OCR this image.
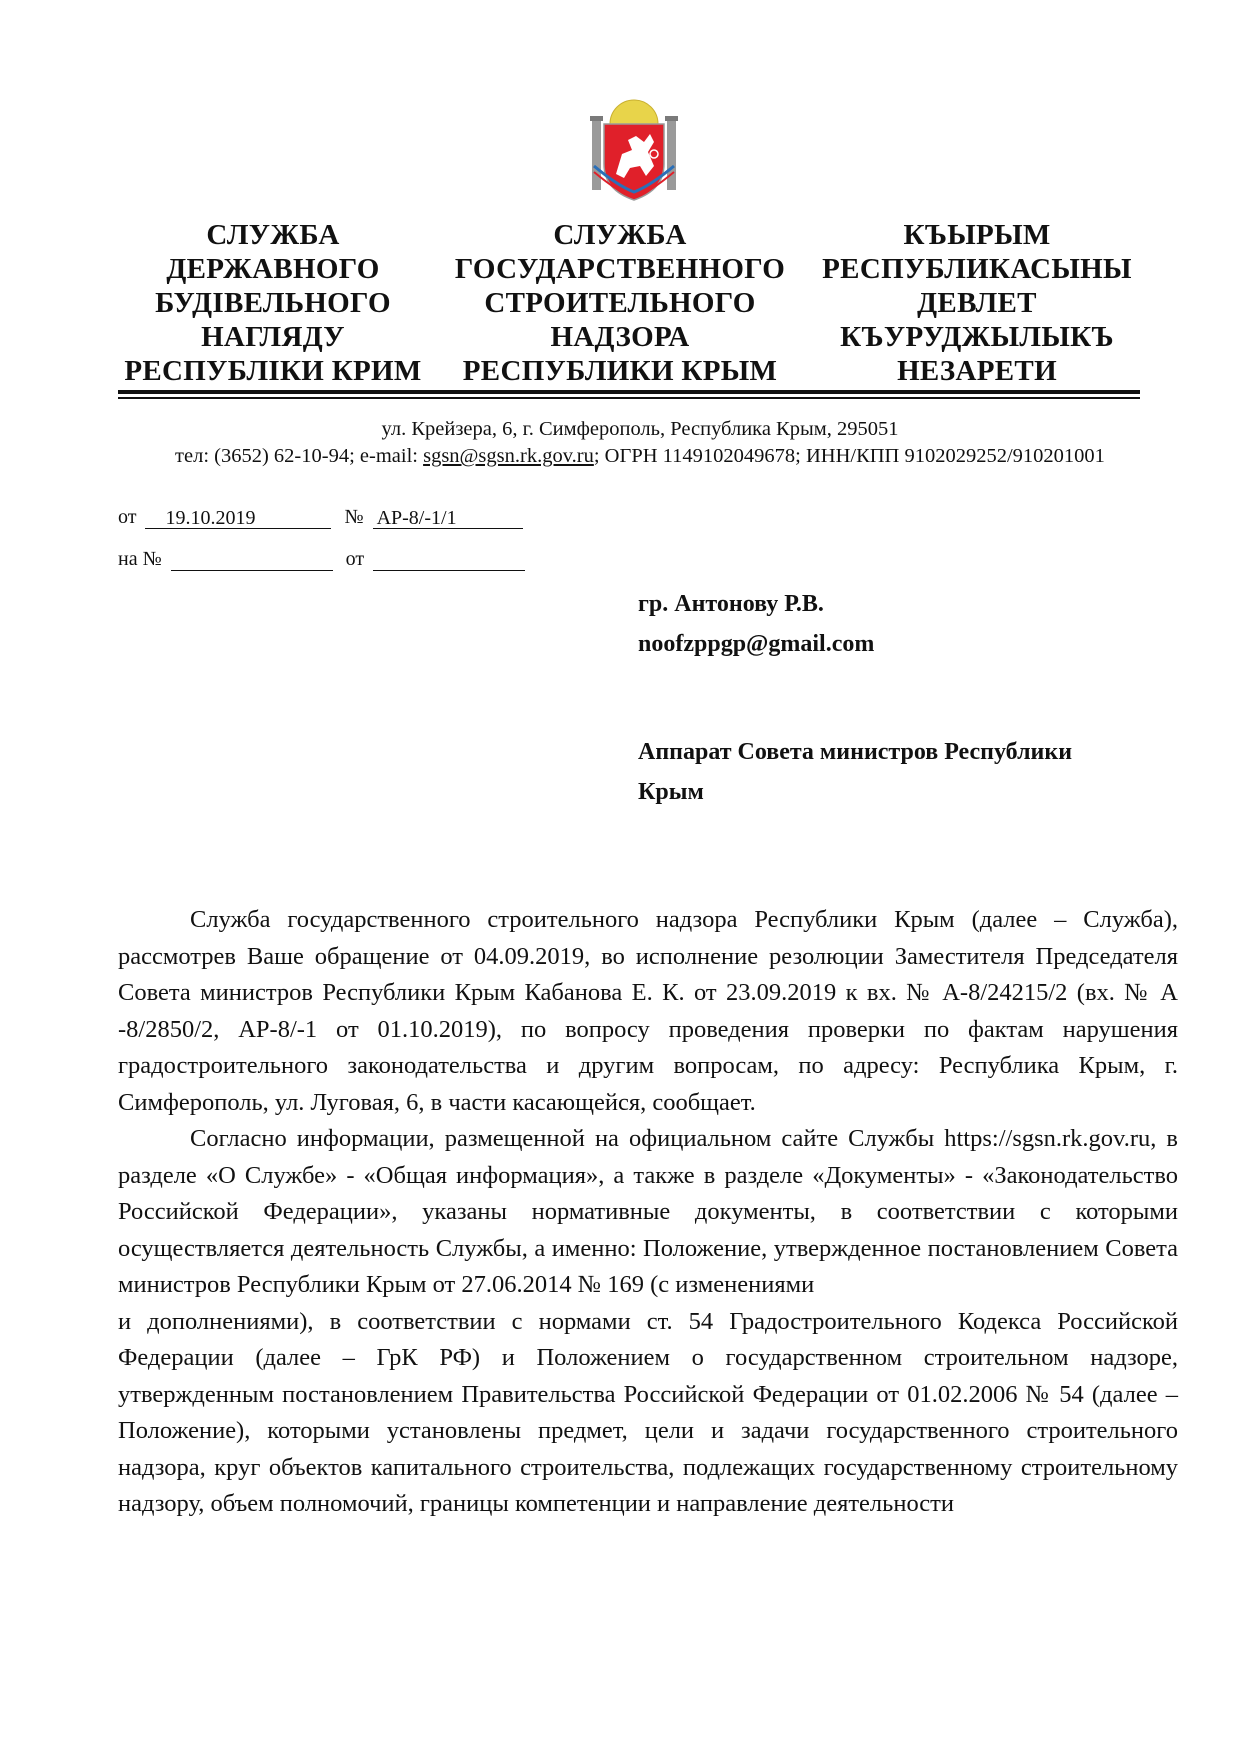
СЛУЖБА
ДЕРЖАВНОГО
БУДІВЕЛЬНОГО
НАГЛЯДУ
РЕСПУБЛІКИ КРИМ
СЛУЖБА
ГОСУДАРСТВЕННОГО
СТРОИТЕЛЬНОГО
НАДЗОРА
РЕСПУБЛИКИ КРЫМ
КЪЫРЫМ
РЕСПУБЛИКАСЫНЫ
ДЕВЛЕТ
КЪУРУДЖЫЛЫКЪ
НЕЗАРЕТИ
ул. Крейзера, 6, г. Симферополь, Республика Крым, 295051
тел: (3652) 62-10-94; e-mail: sgsn@sgsn.rk.gov.ru; ОГРН 1149102049678; ИНН/КПП 9102029252/910201001
от 19.10.2019	№ АР-8/-1/1
на №	от
гр. Антонову Р.В.
noofzppgp@gmail.com
Аппарат Совета министров Республики
Крым

Служба государственного строительного надзора Республики Крым (далее – Служба), рассмотрев Ваше обращение от 04.09.2019, во исполнение резолюции Заместителя Председателя Совета министров Республики Крым Кабанова Е. К. от 23.09.2019 к вх. № А-8/24215/2 (вх. № А -8/2850/2, АР-8/-1 от 01.10.2019), по вопросу проведения проверки по фактам нарушения градостроительного законодательства и другим вопросам, по адресу: Республика Крым, г. Симферополь, ул. Луговая, 6, в части касающейся, сообщает.

Согласно информации, размещенной на официальном сайте Службы https://sgsn.rk.gov.ru, в разделе «О Службе» - «Общая информация», а также в разделе «Документы» - «Законодательство Российской Федерации», указаны нормативные документы, в соответствии с которыми осуществляется деятельность Службы, а именно: Положение, утвержденное постановлением Совета министров Республики Крым от 27.06.2014 № 169 (с изменениями
и дополнениями), в соответствии с нормами ст. 54 Градостроительного Кодекса Российской Федерации (далее – ГрК РФ) и Положением о государственном строительном надзоре, утвержденным постановлением Правительства Российской Федерации от 01.02.2006 № 54 (далее – Положение), которыми установлены предмет, цели и задачи государственного строительного надзора, круг объектов капитального строительства, подлежащих государственному строительному надзору, объем полномочий, границы компетенции и направление деятельности
